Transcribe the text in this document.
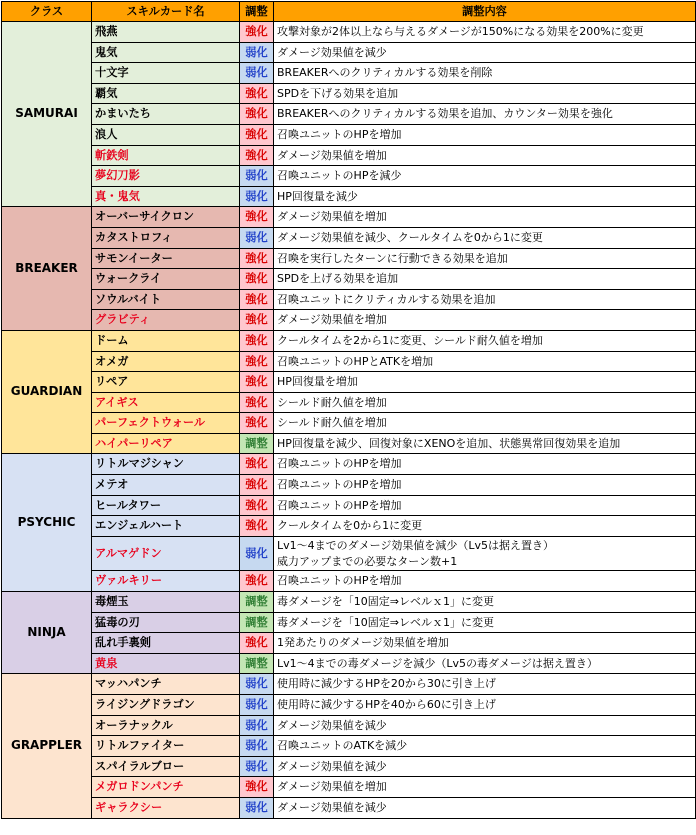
クラス	スキルカード名	調整	調整内容
SAMURAI	飛燕	強化	攻撃対象が2体以上なら与えるダメージが150%になる効果を200%に変更
	鬼気	弱化	ダメージ効果値を減少
	十文字	弱化	BREAKERへのクリティカルする効果を削除
	覇気	強化	SPDを下げる効果を追加
	かまいたち	強化	BREAKERへのクリティカルする効果を追加、カウンター効果を強化
	浪人	強化	召喚ユニットのHPを増加
	斬鉄剣	強化	ダメージ効果値を増加
	夢幻刀影	弱化	召喚ユニットのHPを減少
	真・鬼気	弱化	HP回復量を減少
BREAKER	オーバーサイクロン	強化	ダメージ効果値を増加
	カタストロフィ	弱化	ダメージ効果値を減少、クールタイムを0から1に変更
	サモンイーター	強化	召喚を実行したターンに行動できる効果を追加
	ウォークライ	強化	SPDを上げる効果を追加
	ソウルバイト	強化	召喚ユニットにクリティカルする効果を追加
	グラビティ	強化	ダメージ効果値を増加
GUARDIAN	ドーム	強化	クールタイムを2から1に変更、シールド耐久値を増加
	オメガ	強化	召喚ユニットのHPとATKを増加
	リペア	強化	HP回復量を増加
	アイギス	強化	シールド耐久値を増加
	パーフェクトウォール	強化	シールド耐久値を増加
	ハイパーリペア	調整	HP回復量を減少、回復対象にXENOを追加、状態異常回復効果を追加
PSYCHIC	リトルマジシャン	強化	召喚ユニットのHPを増加
	メテオ	強化	召喚ユニットのHPを増加
	ヒールタワー	強化	召喚ユニットのHPを増加
	エンジェルハート	強化	クールタイムを0から1に変更
	アルマゲドン	弱化	Lv1～4までのダメージ効果値を減少（Lv5は据え置き）
威力アップまでの必要なターン数+1

	ヴァルキリー	強化	召喚ユニットのHPを増加
NINJA	毒煙玉	調整	毒ダメージを「10固定⇒レベルｘ1」に変更
	猛毒の刃	調整	毒ダメージを「10固定⇒レベルｘ1」に変更
	乱れ手裏剣	強化	1発あたりのダメージ効果値を増加
	黄泉	調整	Lv1～4までの毒ダメージを減少（Lv5の毒ダメージは据え置き）
GRAPPLER	マッハパンチ	弱化	使用時に減少するHPを20から30に引き上げ
	ライジングドラゴン	弱化	使用時に減少するHPを40から60に引き上げ
	オーラナックル	弱化	ダメージ効果値を減少
	リトルファイター	弱化	召喚ユニットのATKを減少
	スパイラルブロー	弱化	ダメージ効果値を減少
	メガロドンパンチ	強化	ダメージ効果値を増加
	ギャラクシー	弱化	ダメージ効果値を減少
